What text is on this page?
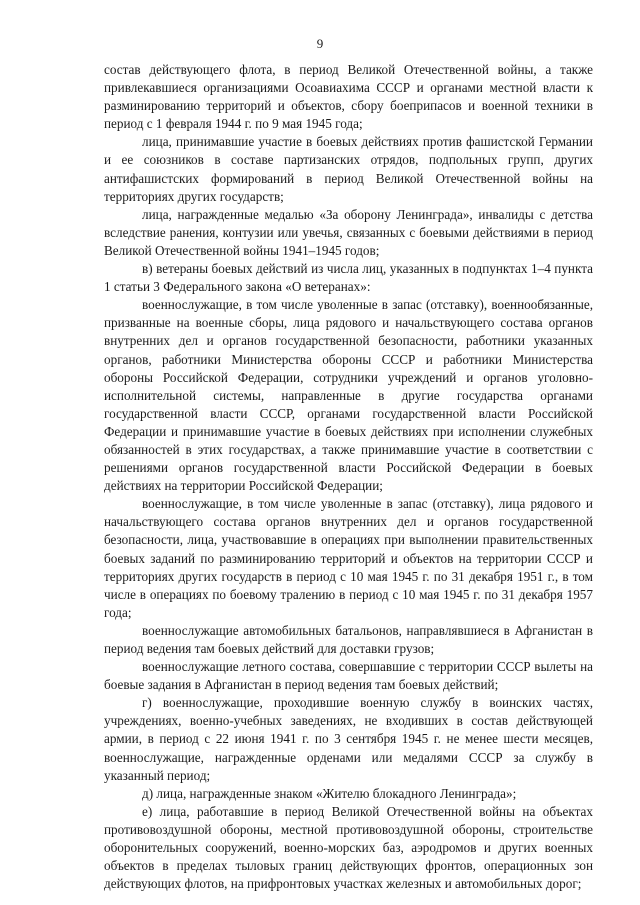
9

состав действующего флота, в период Великой Отечественной войны, а также привлекавшиеся организациями Осоавиахима СССР и органами местной власти к разминированию территорий и объектов, сбору боеприпасов и военной техники в период с 1 февраля 1944 г. по 9 мая 1945 года;

лица, принимавшие участие в боевых действиях против фашистской Германии и ее союзников в составе партизанских отрядов, подпольных групп, других антифашистских формирований в период Великой Отечественной войны на территориях других государств;

лица, награжденные медалью «За оборону Ленинграда», инвалиды с детства вследствие ранения, контузии или увечья, связанных с боевыми действиями в период Великой Отечественной войны 1941–1945 годов;

в) ветераны боевых действий из числа лиц, указанных в подпунктах 1–4 пункта 1 статьи 3 Федерального закона «О ветеранах»:

военнослужащие, в том числе уволенные в запас (отставку), военнообязанные, призванные на военные сборы, лица рядового и начальствующего состава органов внутренних дел и органов государственной безопасности, работники указанных органов, работники Министерства обороны СССР и работники Министерства обороны Российской Федерации, сотрудники учреждений и органов уголовно-исполнительной системы, направленные в другие государства органами государственной власти СССР, органами государственной власти Российской Федерации и принимавшие участие в боевых действиях при исполнении служебных обязанностей в этих государствах, а также принимавшие участие в соответствии с решениями органов государственной власти Российской Федерации в боевых действиях на территории Российской Федерации;

военнослужащие, в том числе уволенные в запас (отставку), лица рядового и начальствующего состава органов внутренних дел и органов государственной безопасности, лица, участвовавшие в операциях при выполнении правительственных боевых заданий по разминированию территорий и объектов на территории СССР и территориях других государств в период с 10 мая 1945 г. по 31 декабря 1951 г., в том числе в операциях по боевому тралению в период с 10 мая 1945 г. по 31 декабря 1957 года;

военнослужащие автомобильных батальонов, направлявшиеся в Афганистан в период ведения там боевых действий для доставки грузов;

военнослужащие летного состава, совершавшие с территории СССР вылеты на боевые задания в Афганистан в период ведения там боевых действий;

г) военнослужащие, проходившие военную службу в воинских частях, учреждениях, военно-учебных заведениях, не входивших в состав действующей армии, в период с 22 июня 1941 г. по 3 сентября 1945 г. не менее шести месяцев, военнослужащие, награжденные орденами или медалями СССР за службу в указанный период;

д) лица, награжденные знаком «Жителю блокадного Ленинграда»;

е) лица, работавшие в период Великой Отечественной войны на объектах противовоздушной обороны, местной противовоздушной обороны, строительстве оборонительных сооружений, военно-морских баз, аэродромов и других военных объектов в пределах тыловых границ действующих фронтов, операционных зон действующих флотов, на прифронтовых участках железных и автомобильных дорог;
